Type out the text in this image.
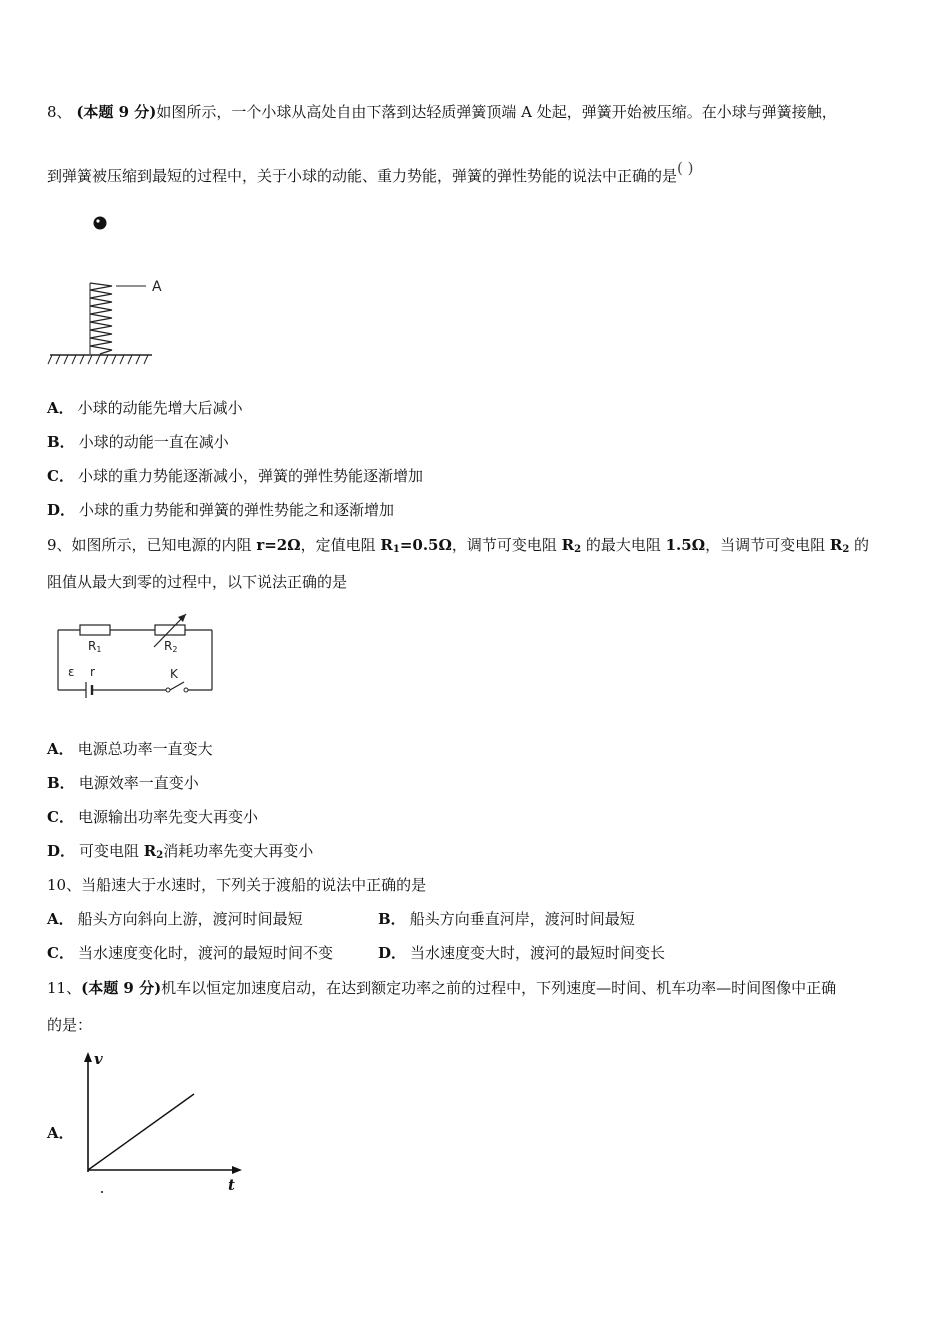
8、 (本题 9 分)如图所示，一个小球从高处自由下落到达轻质弹簧顶端 A 处起，弹簧开始被压缩。在小球与弹簧接触，
到弹簧被压缩到最短的过程中，关于小球的动能、重力势能，弹簧的弹性势能的说法中正确的是( )
A
A． 小球的动能先增大后减小
B． 小球的动能一直在减小
C． 小球的重力势能逐渐减小，弹簧的弹性势能逐渐增加
D． 小球的重力势能和弹簧的弹性势能之和逐渐增加
9、如图所示，已知电源的内阻 r=2Ω，定值电阻 $R_1=0.5\Omega$，调节可变电阻 $R_2$ 的最大电阻 1.5Ω，当调节可变电阻 $R_2$ 的
阻值从最大到零的过程中，以下说法正确的是
R1	R2
ε r	K
A． 电源总功率一直变大
B． 电源效率一直变小
C． 电源输出功率先变大再变小
D． 可变电阻 $R_2$消耗功率先变大再变小
10、当船速大于水速时，下列关于渡船的说法中正确的是
A． 船头方向斜向上游，渡河时间最短	B． 船头方向垂直河岸，渡河时间最短
C． 当水速度变化时，渡河的最短时间不变	D． 当水速度变大时，渡河的最短时间变长
11、(本题 9 分)机车以恒定加速度启动，在达到额定功率之前的过程中，下列速度—时间、机车功率—时间图像中正确
的是：
A．
v
t
